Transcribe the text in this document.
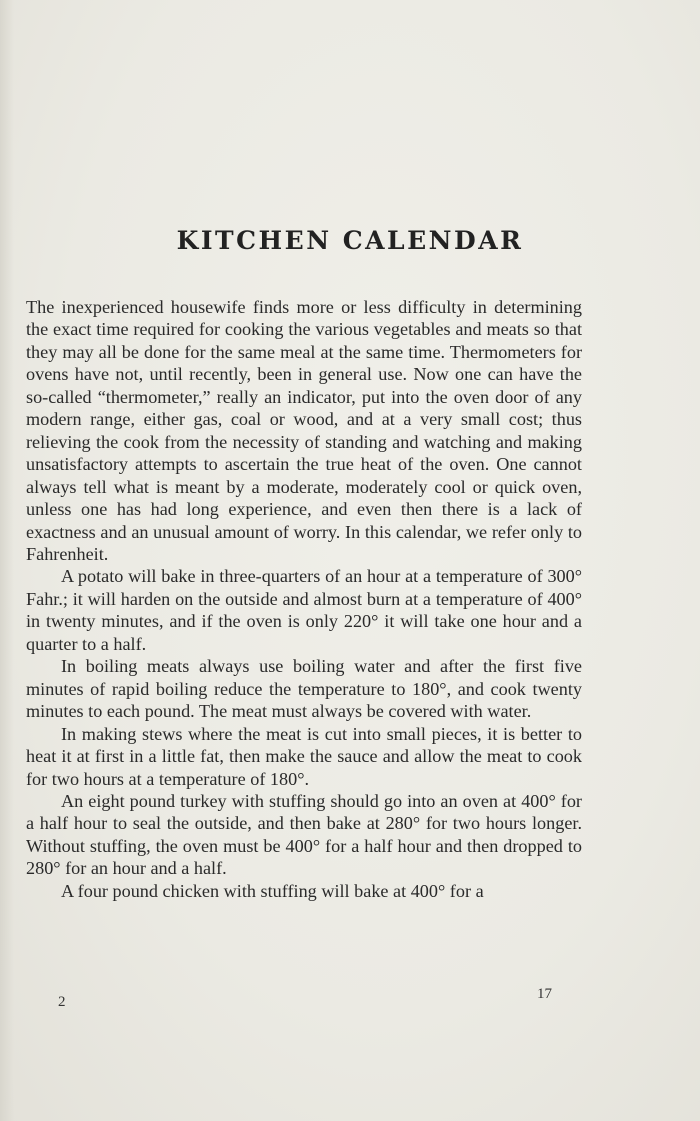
KITCHEN CALENDAR

The inexperienced housewife finds more or less difficulty in determining the exact time required for cooking the various vegetables and meats so that they may all be done for the same meal at the same time. Thermometers for ovens have not, until recently, been in general use. Now one can have the so-called “thermometer,” really an indicator, put into the oven door of any modern range, either gas, coal or wood, and at a very small cost; thus relieving the cook from the necessity of standing and watching and making unsatisfactory attempts to ascertain the true heat of the oven. One cannot always tell what is meant by a moderate, moderately cool or quick oven, unless one has had long experience, and even then there is a lack of exactness and an unusual amount of worry. In this calendar, we refer only to Fahrenheit.

A potato will bake in three-quarters of an hour at a temperature of 300° Fahr.; it will harden on the outside and almost burn at a temperature of 400° in twenty minutes, and if the oven is only 220° it will take one hour and a quarter to a half.

In boiling meats always use boiling water and after the first five minutes of rapid boiling reduce the temperature to 180°, and cook twenty minutes to each pound. The meat must always be covered with water.

In making stews where the meat is cut into small pieces, it is better to heat it at first in a little fat, then make the sauce and allow the meat to cook for two hours at a temperature of 180°.

An eight pound turkey with stuffing should go into an oven at 400° for a half hour to seal the outside, and then bake at 280° for two hours longer. Without stuffing, the oven must be 400° for a half hour and then dropped to 280° for an hour and a half.

A four pound chicken with stuffing will bake at 400° for a

2	17
